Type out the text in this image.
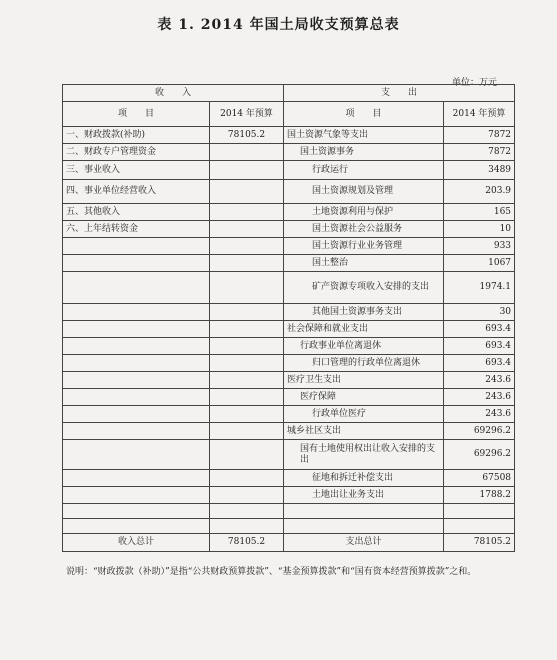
表 1. 2014 年国土局收支预算总表
单位：万元
收　　入		支　　出	
项　　目	2014 年预算	项　　目	2014 年预算
一、财政拨款(补助)	78105.2	国土资源气象等支出	7872
二、财政专户管理资金		国土资源事务	7872
三、事业收入		行政运行	3489
四、事业单位经营收入		国土资源规划及管理	203.9
五、其他收入		土地资源利用与保护	165
六、上年结转资金		国土资源社会公益服务	10
		国土资源行业业务管理	933
		国土整治	1067
		矿产资源专项收入安排的支出	1974.1
		其他国土资源事务支出	30
		社会保障和就业支出	693.4
		行政事业单位离退休	693.4
		归口管理的行政单位离退休	693.4
		医疗卫生支出	243.6
		医疗保障	243.6
		行政单位医疗	243.6
		城乡社区支出	69296.2
		国有土地使用权出让收入安排的支出	69296.2
		征地和拆迁补偿支出	67508
		土地出让业务支出	1788.2

收入总计	78105.2	支出总计	78105.2
说明：“财政拨款（补助）”是指“公共财政预算拨款”、“基金预算拨款”和“国有资本经营预算拨款”之和。
